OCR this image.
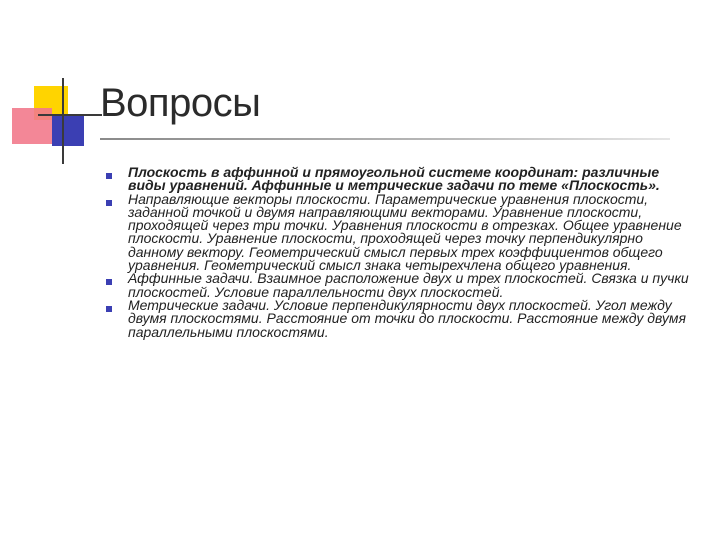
Вопросы
Плоскость в аффинной и прямоугольной системе координат: различные виды уравнений. Аффинные и метрические задачи по теме «Плоскость».
Направляющие векторы плоскости. Параметрические уравнения плоскости, заданной точкой и двумя направляющими векторами. Уравнение плоскости, проходящей через три точки. Уравнения плоскости в отрезках. Общее уравнение плоскости. Уравнение плоскости, проходящей через точку перпендикулярно данному вектору. Геометрический смысл первых трех коэффициентов общего уравнения. Геометрический смысл знака четырехчлена общего уравнения.
Аффинные задачи. Взаимное расположение двух и трех плоскостей. Связка и пучки плоскостей. Условие параллельности двух плоскостей.
Метрические задачи. Условие перпендикулярности двух плоскостей. Угол между двумя плоскостями. Расстояние от точки до плоскости. Расстояние между двумя параллельными плоскостями.
